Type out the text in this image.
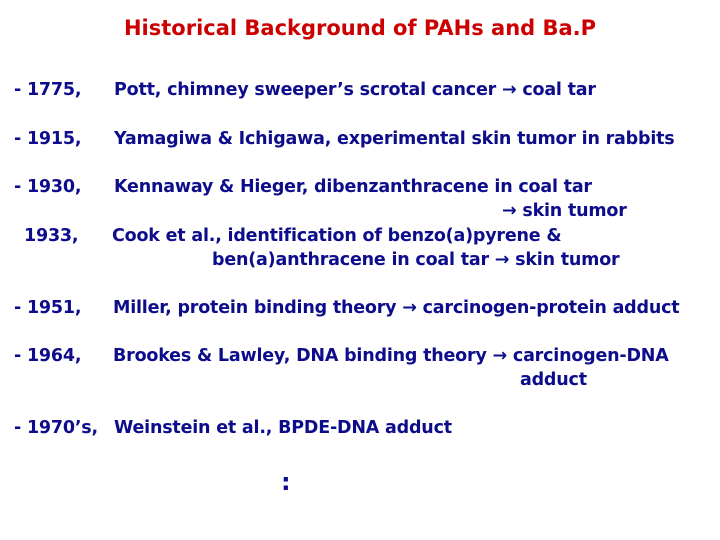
Historical Background of PAHs and Ba.P
- 1775, Pott, chimney sweeper’s scrotal cancer → coal tar
- 1915, Yamagiwa & Ichigawa, experimental skin tumor in rabbits
- 1930, Kennaway & Hieger, dibenzanthracene in coal tar
→ skin tumor
1933, Cook et al., identification of benzo(a)pyrene &
ben(a)anthracene in coal tar → skin tumor
- 1951, Miller, protein binding theory → carcinogen-protein adduct
- 1964, Brookes & Lawley, DNA binding theory → carcinogen-DNA
adduct
- 1970’s, Weinstein et al., BPDE-DNA adduct
:
